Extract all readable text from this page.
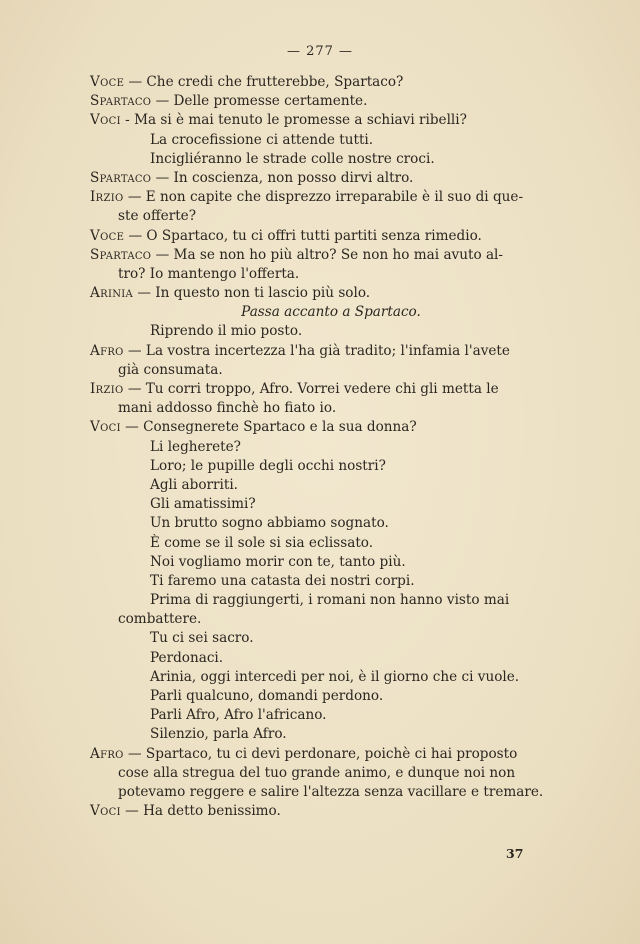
— 277 —
Voce — Che credi che frutterebbe, Spartaco?
Spartaco — Delle promesse certamente.
Voci - Ma si è mai tenuto le promesse a schiavi ribelli?
La crocefissione ci attende tutti.
Incigliéranno le strade colle nostre croci.
Spartaco — In coscienza, non posso dirvi altro.
Irzio — E non capite che disprezzo irreparabile è il suo di que-
ste offerte?
Voce — O Spartaco, tu ci offri tutti partiti senza rimedio.
Spartaco — Ma se non ho più altro? Se non ho mai avuto al-
tro? Io mantengo l'offerta.
Arinia — In questo non ti lascio più solo.
Passa accanto a Spartaco.
Riprendo il mio posto.
Afro — La vostra incertezza l'ha già tradito; l'infamia l'avete
già consumata.
Irzio — Tu corri troppo, Afro. Vorrei vedere chi gli metta le
mani addosso finchè ho fiato io.
Voci — Consegnerete Spartaco e la sua donna?
Li legherete?
Loro; le pupille degli occhi nostri?
Agli aborriti.
Gli amatissimi?
Un brutto sogno abbiamo sognato.
È come se il sole si sia eclissato.
Noi vogliamo morir con te, tanto più.
Ti faremo una catasta dei nostri corpi.
Prima di raggiungerti, i romani non hanno visto mai
combattere.
Tu ci sei sacro.
Perdonaci.
Arinia, oggi intercedi per noi, è il giorno che ci vuole.
Parli qualcuno, domandi perdono.
Parli Afro, Afro l'africano.
Silenzio, parla Afro.
Afro — Spartaco, tu ci devi perdonare, poichè ci hai proposto
cose alla stregua del tuo grande animo, e dunque noi non
potevamo reggere e salire l'altezza senza vacillare e tremare.
Voci — Ha detto benissimo.
37
